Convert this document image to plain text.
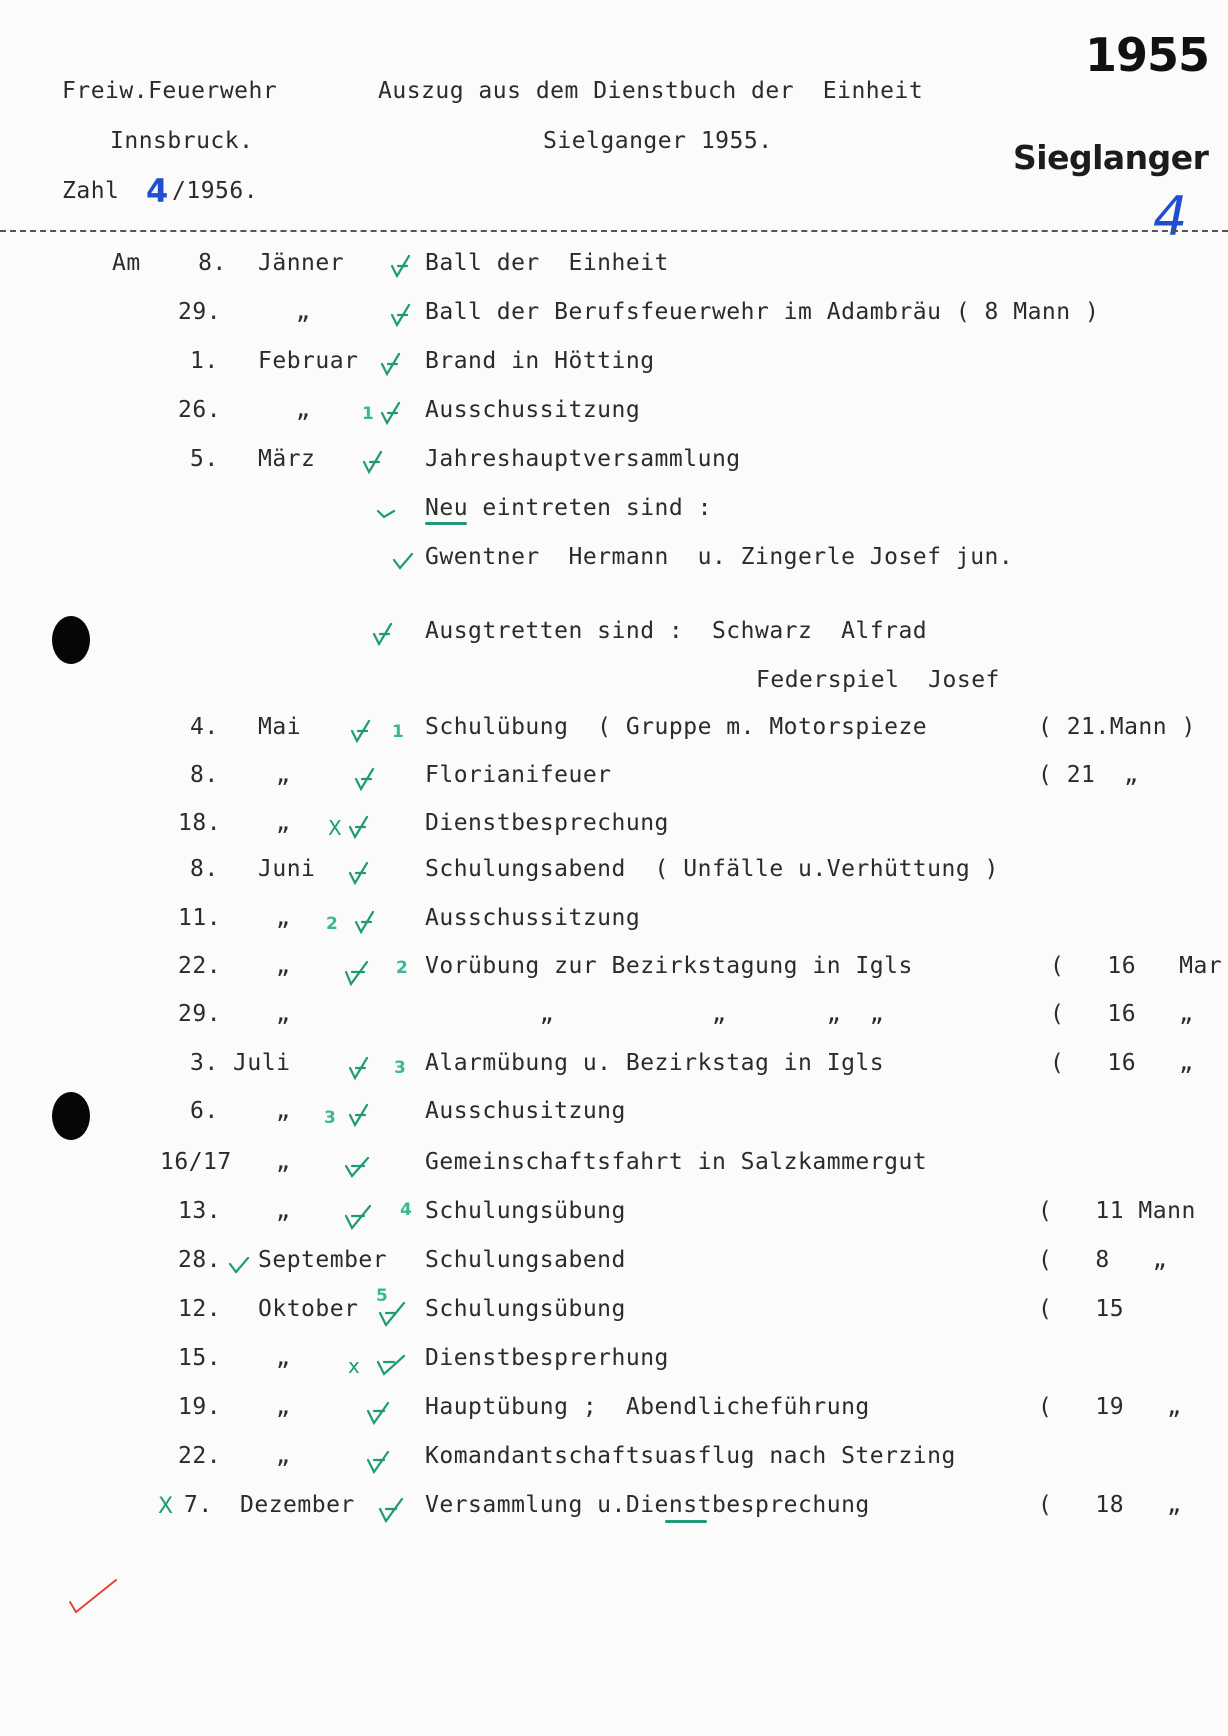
1955
Freiw.Feuerwehr
Innsbruck.
Zahl 4 /1956.
Auszug aus dem Dienstbuch der  Einheit
Sielganger 1955.	Sieglanger
4
Am    8. Jänner	Ball der  Einheit
29.	„	Ball der Berufsfeuerwehr im Adambräu ( 8 Mann )
1. Februar	Brand in Hötting
26.	„	Ausschussitzung
5. März	Jahreshauptversammlung
Neu eintreten sind :
Gwentner  Hermann  u. Zingerle Josef jun.
Ausgtretten sind :  Schwarz  Alfrad
Federspiel  Josef
4. Mai	Schulübung  ( Gruppe m. Motorspieze	( 21.Mann )
8. „	Florianifeuer	( 21  „
18. „	Dienstbesprechung
8. Juni	Schulungsabend  ( Unfälle u.Verhüttung )
11. „	Ausschussitzung
22. „	Vorübung zur Bezirkstagung in Igls	(   16   Mar
29. „	„           „       „  „	(   16   „
3. Juli	Alarmübung u. Bezirkstag in Igls	(   16   „
6. „	Ausschusitzung
16/17 „	Gemeinschaftsfahrt in Salzkammergut
13. „	Schulungsübung	(   11 Mann
28. September Schulungsabend	(   8   „
12. Oktober	Schulungsübung	(   15
15. „	Dienstbesprerhung
19. „	Hauptübung ;  Abendlicheführung	(   19   „
22. „	Komandantschaftsuasflug nach Sterzing
7. Dezember	Versammlung u.Dienstbesprechung	(   18   „
1
1
X
2
2
3
3
4
5
x
X
